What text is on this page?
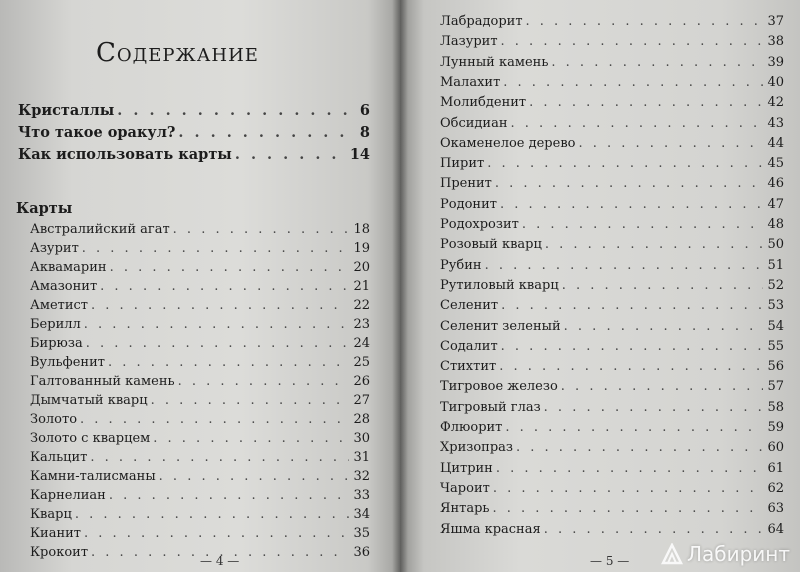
Содержание
Кристаллы . . .	6
Что такое оракул? . . .	8
Как использовать карты . . .	14
Карты
Австралийский агат . . .	18
Азурит . . .	19
Аквамарин . . .	20
Амазонит . . .	21
Аметист . . .	22
Берилл . . .	23
Бирюза . . .	24
Вульфенит . . .	25
Галтованный камень . . .	26
Дымчатый кварц . . .	27
Золото . . .	28
Золото с кварцем . . .	30
Кальцит . . .	31
Камни-талисманы . . .	32
Карнелиан . . .	33
Кварц . . .	34
Кианит . . .	35
Крокоит . . .	36
— 4 —
Лабрадорит . . .	37
Лазурит . . .	38
Лунный камень . . .	39
Малахит . . .	40
Молибденит . . .	42
Обсидиан . . .	43
Окаменелое дерево . . .	44
Пирит . . .	45
Пренит . . .	46
Родонит . . .	47
Родохрозит . . .	48
Розовый кварц . . .	50
Рубин . . .	51
Рутиловый кварц . . .	52
Селенит . . .	53
Селенит зеленый . . .	54
Содалит . . .	55
Стихтит . . .	56
Тигровое железо . . .	57
Тигровый глаз . . .	58
Флюорит . . .	59
Хризопраз . . .	60
Цитрин . . .	61
Чароит . . .	62
Янтарь . . .	63
Яшма красная . . .	64
— 5 —	Лабиринт
